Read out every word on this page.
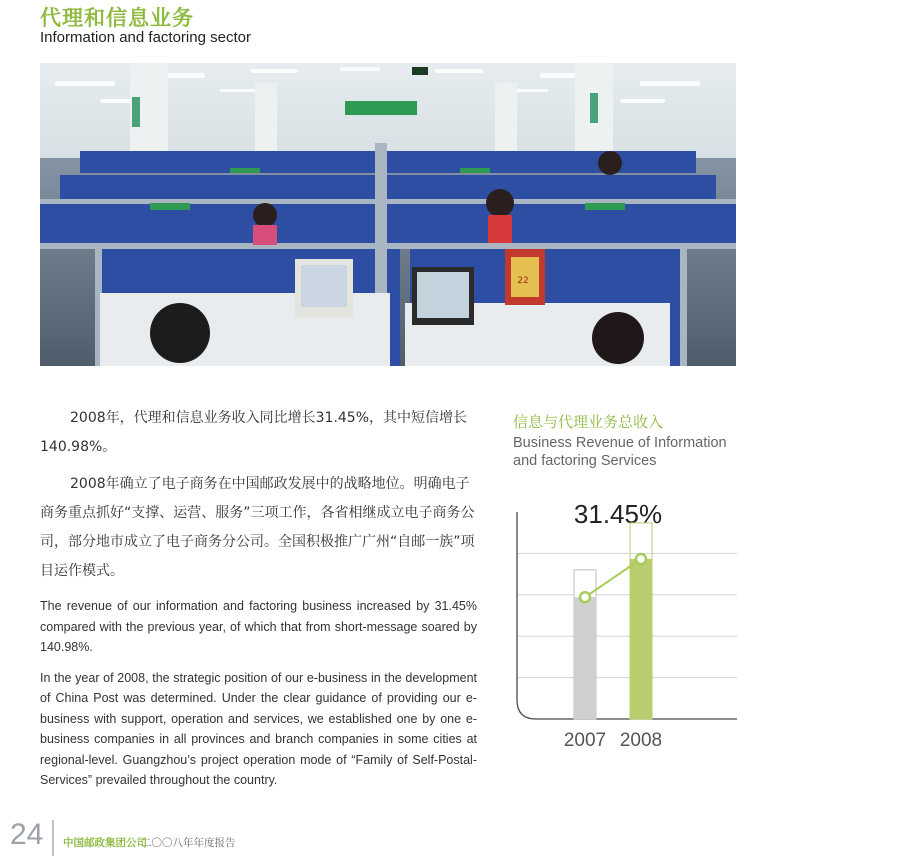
代理和信息业务
Information and factoring sector
22

2008年，代理和信息业务收入同比增长31.45%，其中短信增长140.98%。

2008年确立了电子商务在中国邮政发展中的战略地位。明确电子商务重点抓好“支撑、运营、服务”三项工作，各省相继成立电子商务公司，部分地市成立了电子商务分公司。全国积极推广广州“自邮一族”项目运作模式。

The revenue of our information and factoring business increased by 31.45% compared with the previous year, of which that from short-message soared by 140.98%.

In the year of 2008, the strategic position of our e-business in the development of China Post was determined. Under the clear guidance of providing our e-business with support, operation and services, we established one by one e-business companies in all provinces and branch companies in some cities at regional-level. Guangzhou’s project operation mode of “Family of Self-Postal-Services” prevailed throughout the country.

信息与代理业务总收入
Business Revenue of Information and factoring Services
31.45%
2007 2008
24 中国邮政集团公司
二〇〇八年年度报告
